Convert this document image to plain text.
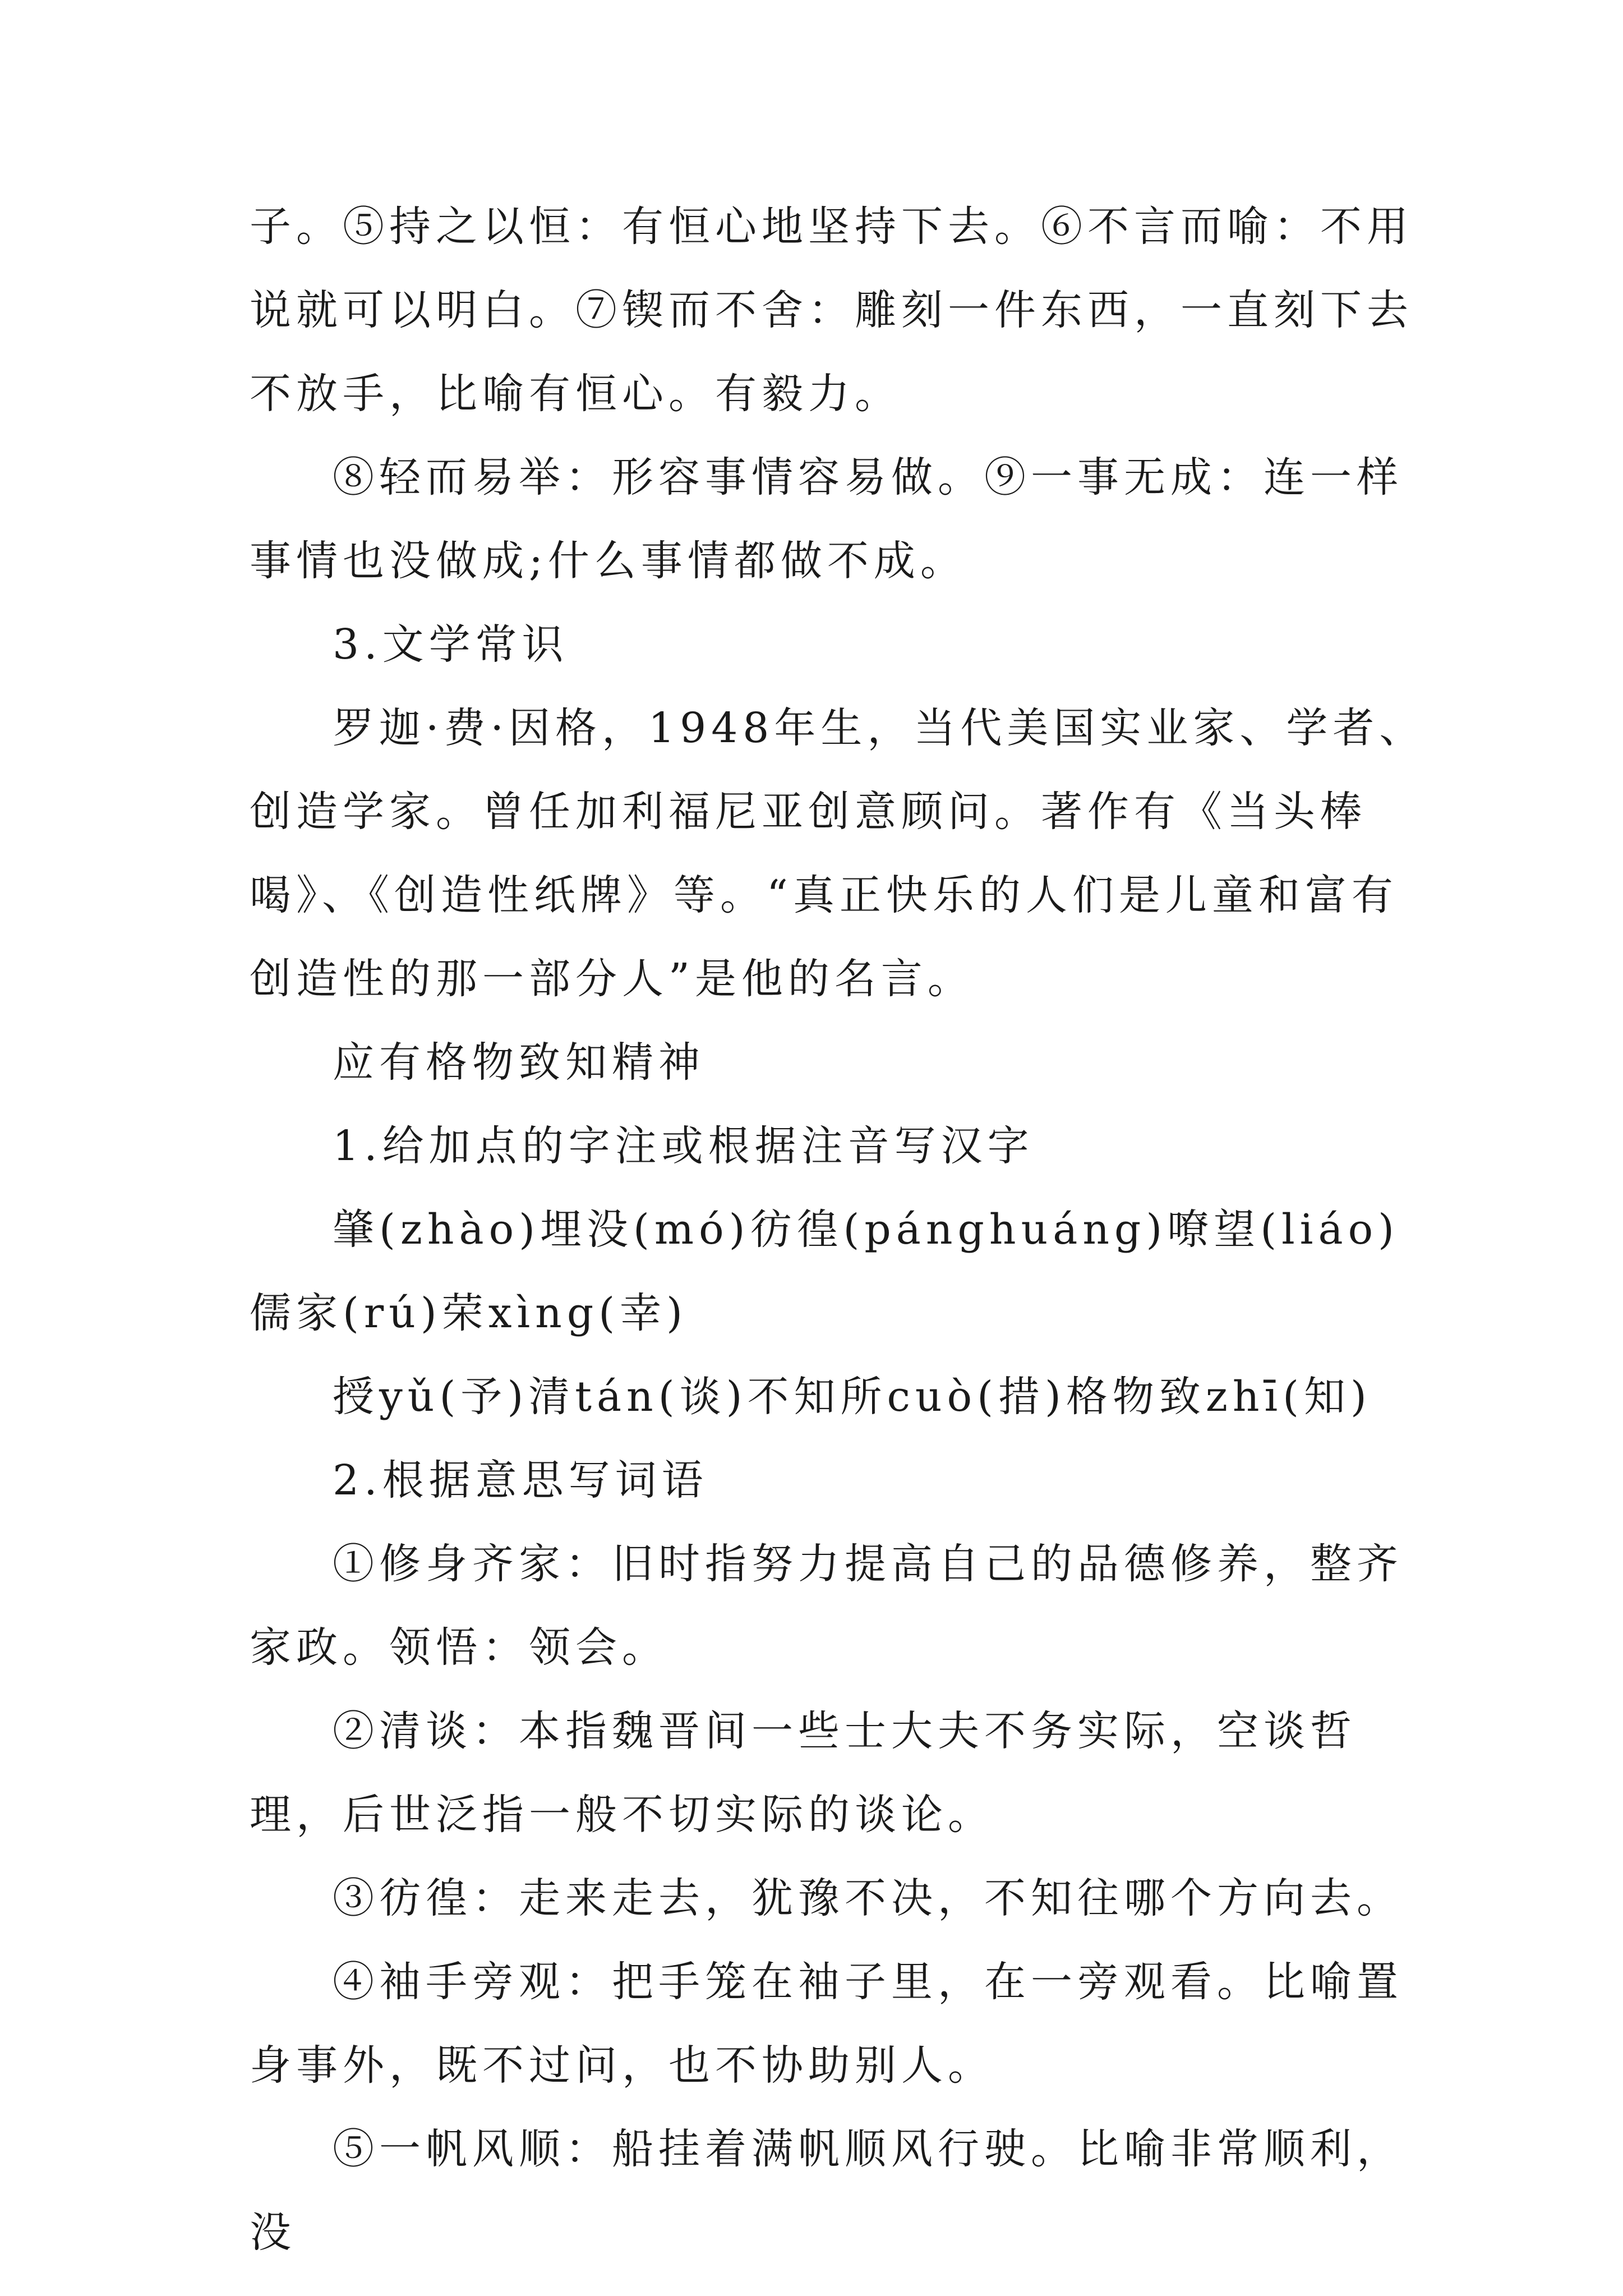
子。⑤持之以恒：有恒心地坚持下去。⑥不言而喻：不用说就可以明白。⑦锲而不舍：雕刻一件东西，一直刻下去不放手，比喻有恒心。有毅力。

⑧轻而易举：形容事情容易做。⑨一事无成：连一样事情也没做成;什么事情都做不成。

3.文学常识

罗迦·费·因格，1948年生，当代美国实业家、学者、创造学家。曾任加利福尼亚创意顾问。著作有《当头棒喝》、《创造性纸牌》等。“真正快乐的人们是儿童和富有创造性的那一部分人”是他的名言。

应有格物致知精神

1.给加点的字注或根据注音写汉字

肇(zhào)埋没(mó)彷徨(pánghuáng)嘹望(liáo)儒家(rú)荣xìng(幸)

授yǔ(予)清tán(谈)不知所cuò(措)格物致zhī(知)

2.根据意思写词语

①修身齐家：旧时指努力提高自己的品德修养，整齐家政。领悟：领会。

②清谈：本指魏晋间一些士大夫不务实际，空谈哲理，后世泛指一般不切实际的谈论。

③彷徨：走来走去，犹豫不决，不知往哪个方向去。

④袖手旁观：把手笼在袖子里，在一旁观看。比喻置身事外，既不过问，也不协助别人。

⑤一帆风顺：船挂着满帆顺风行驶。比喻非常顺利，没
